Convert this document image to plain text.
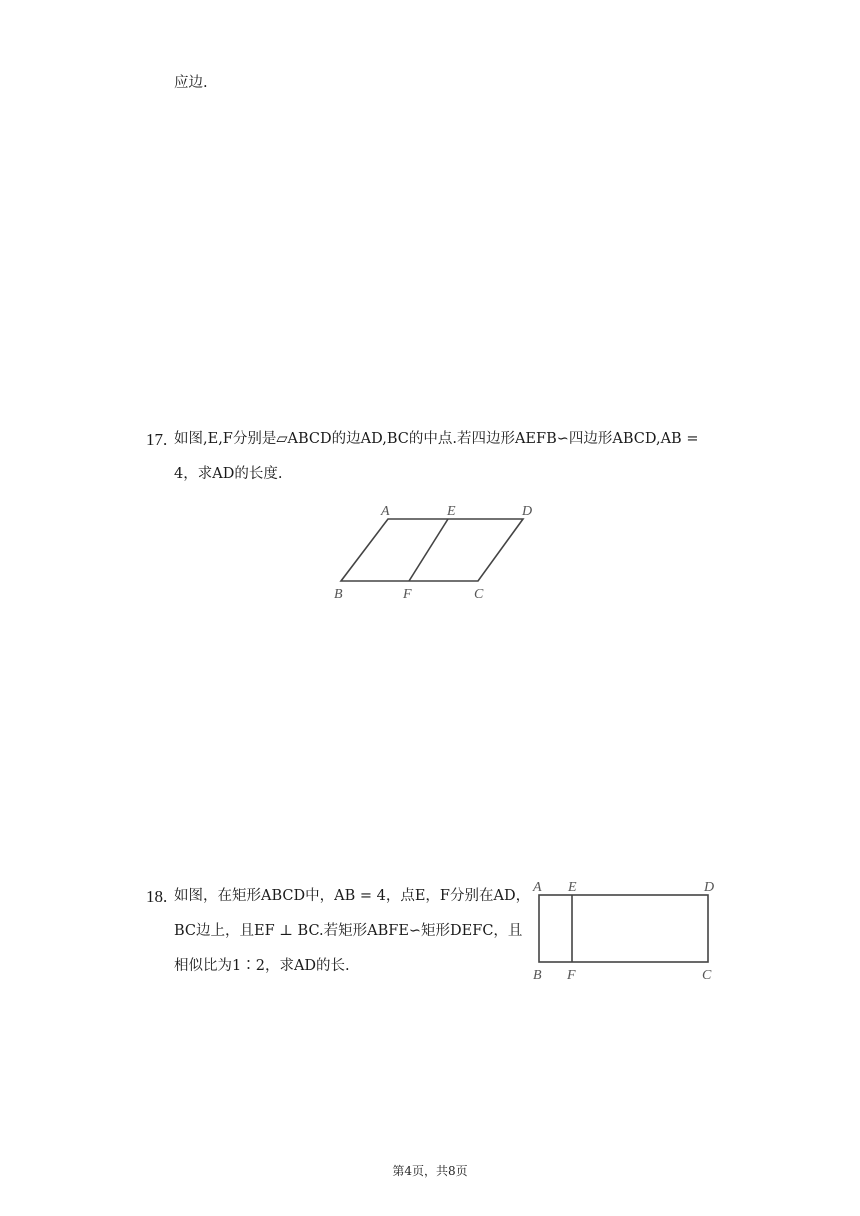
应边.
17. 如图,E,F分别是▱ABCD的边AD,BC的中点.若四边形AEFB∽四边形ABCD,AB =
4，求AD的长度.
A	E	D
B	F	C
18. 如图，在矩形ABCD中，AB = 4，点E，F分别在AD，
BC边上，且EF ⊥ BC.若矩形ABFE∽矩形DEFC，且
相似比为1∶2，求AD的长.
A E	D
B F	C
第4页，共8页
